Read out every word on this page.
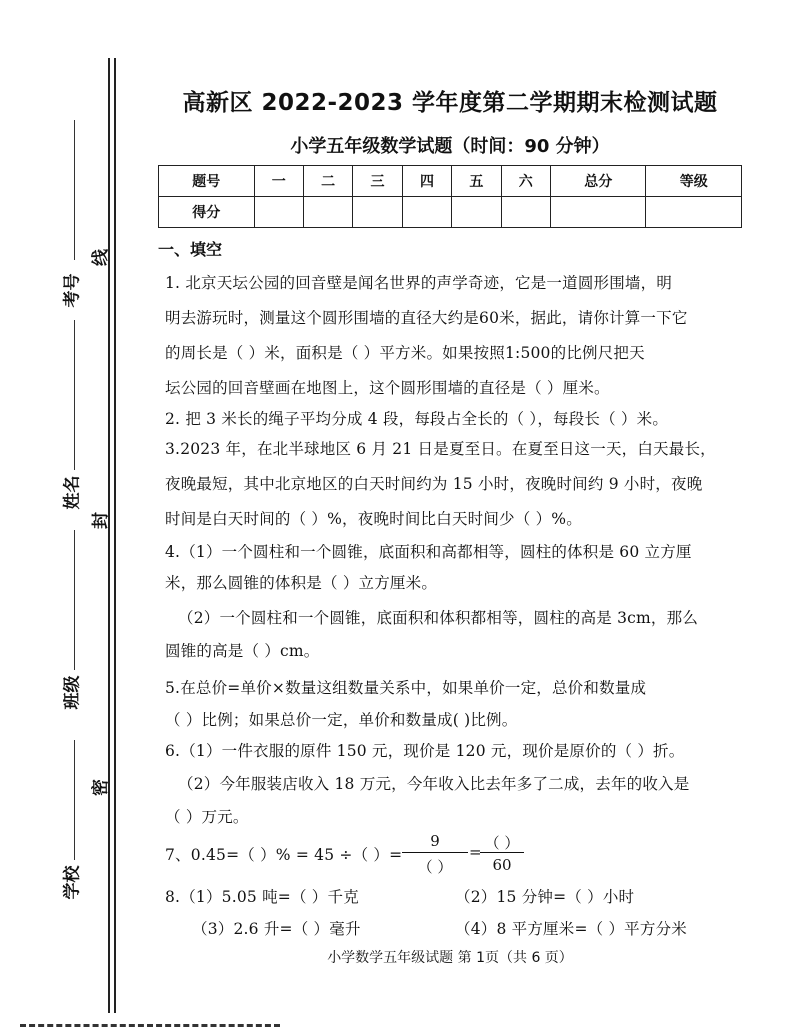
考号
线
姓名
封
班级
密
学校
高新区 2022-2023 学年度第二学期期末检测试题
小学五年级数学试题（时间：90 分钟）
题号	一	二	三	四	五	六	总分	等级
得分								
一、填空
1. 北京天坛公园的回音壁是闻名世界的声学奇迹，它是一道圆形围墙，明
明去游玩时，测量这个圆形围墙的直径大约是60米，据此，请你计算一下它
的周长是（ ）米，面积是（ ）平方米。如果按照1:500的比例尺把天
坛公园的回音壁画在地图上，这个圆形围墙的直径是（ ）厘米。
2. 把 3 米长的绳子平均分成 4 段，每段占全长的（ ），每段长（ ）米。
3.2023 年，在北半球地区 6 月 21 日是夏至日。在夏至日这一天，白天最长，
夜晚最短，其中北京地区的白天时间约为 15 小时，夜晚时间约 9 小时，夜晚
时间是白天时间的（ ）%，夜晚时间比白天时间少（ ）%。
4.（1）一个圆柱和一个圆锥，底面积和高都相等，圆柱的体积是 60 立方厘
米，那么圆锥的体积是（ ）立方厘米。
（2）一个圆柱和一个圆锥，底面积和体积都相等，圆柱的高是 3cm，那么
圆锥的高是（ ）cm。
5.在总价=单价×数量这组数量关系中，如果单价一定，总价和数量成
（ ）比例；如果总价一定，单价和数量成( )比例。
6.（1）一件衣服的原件 150 元，现价是 120 元，现价是原价的（ ）折。
（2）今年服装店收入 18 万元，今年收入比去年多了二成，去年的收入是
（ ）万元。
7、0.45=（ ）% = 45 ÷（ ）=
9
（ ）
= （ ）
60
8.（1）5.05 吨=（ ）千克	（2）15 分钟=（ ）小时
（3）2.6 升=（ ）毫升	（4）8 平方厘米=（ ）平方分米
小学数学五年级试题 第 1页（共 6 页）
